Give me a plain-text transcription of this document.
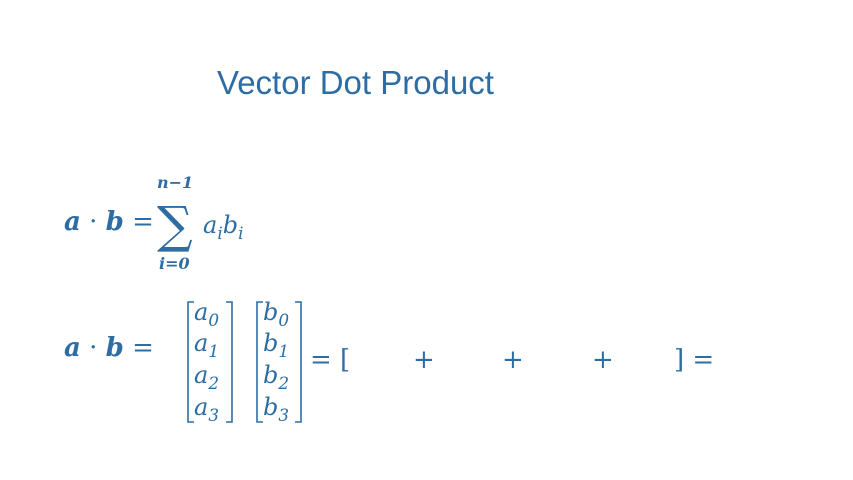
Vector Dot Product
a · b =
n−1
∑
i=0
$a_ib_i$
a · b =
$a_0$
$a_1$
$a_2$
$a_3$
$b_0$
$b_1$
$b_2$
$b_3$
= [ +	+	+ ] =
